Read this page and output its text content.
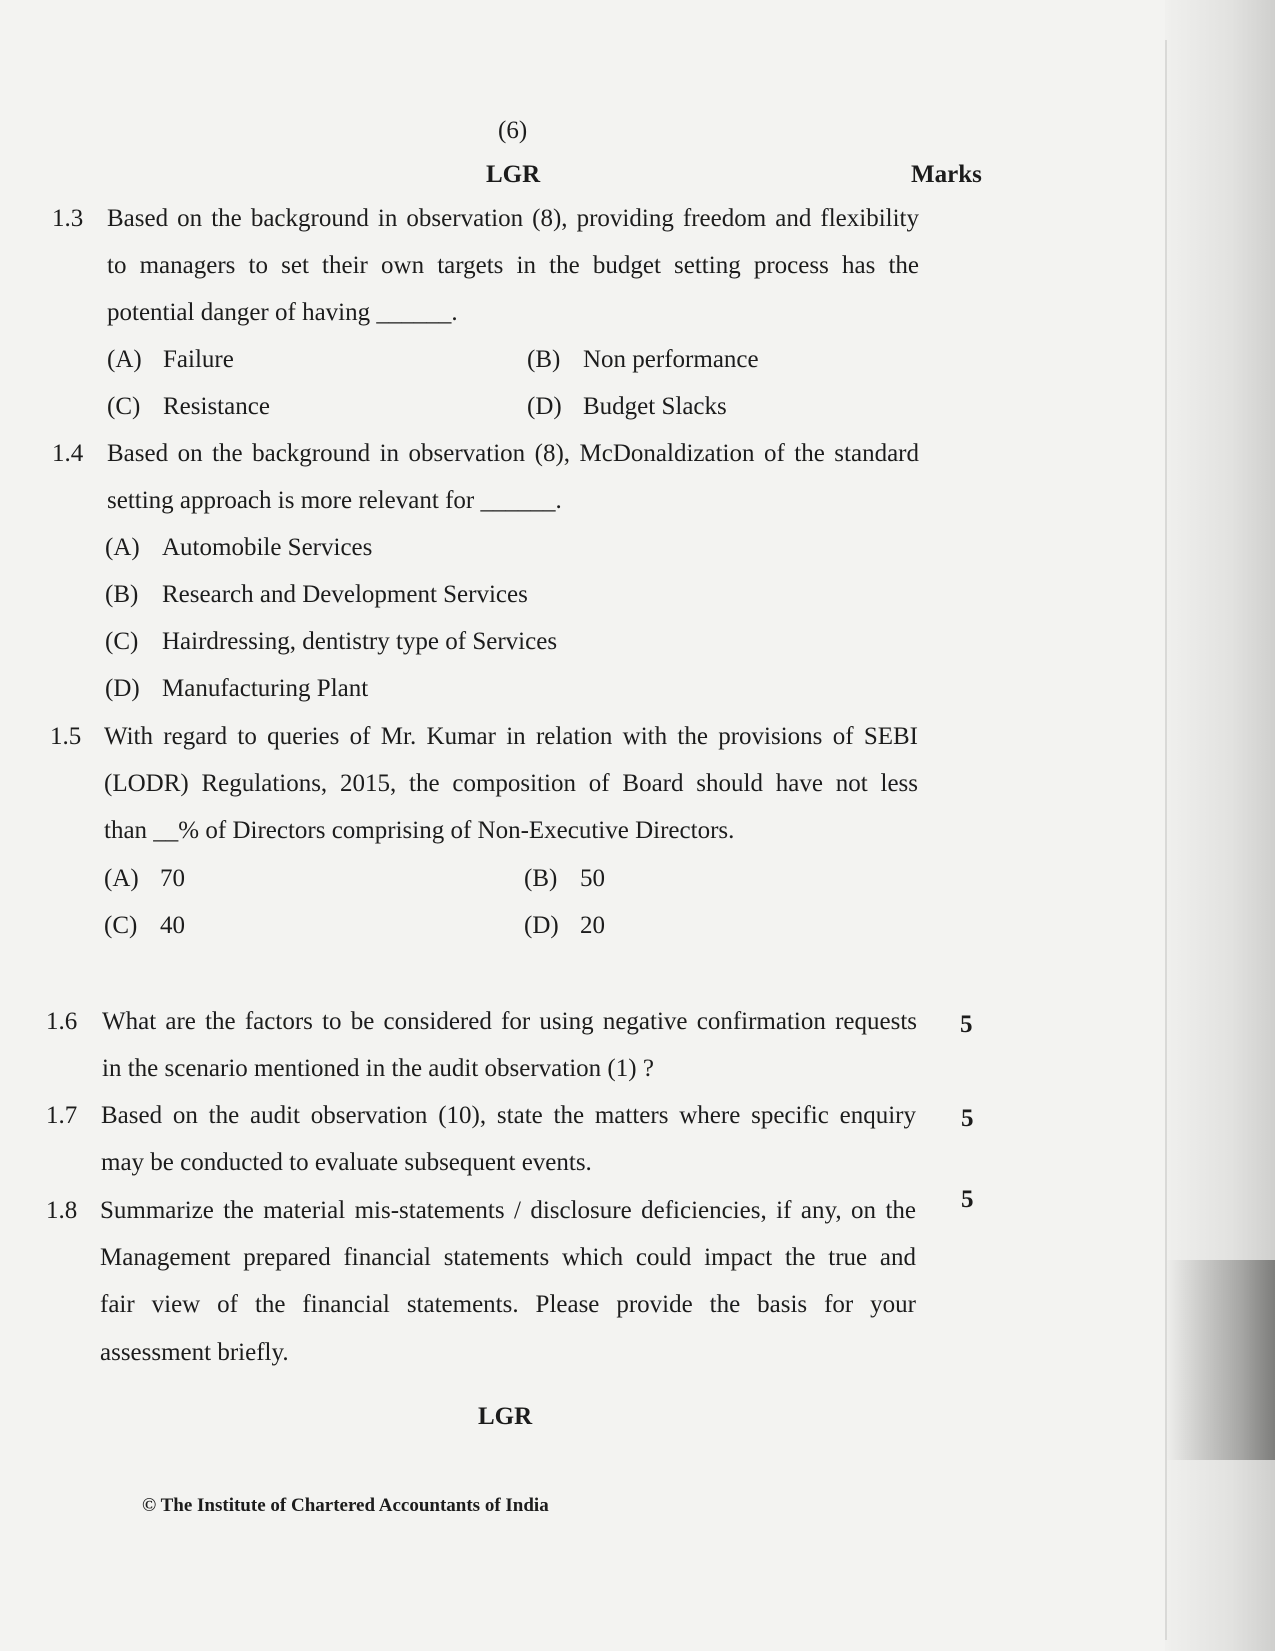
(6)
LGR	Marks
1.3 Based on the background in observation (8), providing freedom and flexibility
to managers to set their own targets in the budget setting process has the
potential danger of having ______.
(A) Failure	(B) Non performance
(C) Resistance	(D) Budget Slacks
1.4 Based on the background in observation (8), McDonaldization of the standard
setting approach is more relevant for ______.
(A) Automobile Services
(B) Research and Development Services
(C) Hairdressing, dentistry type of Services
(D) Manufacturing Plant
1.5 With regard to queries of Mr. Kumar in relation with the provisions of SEBI
(LODR) Regulations, 2015, the composition of Board should have not less
than __% of Directors comprising of Non-Executive Directors.
(A) 70	(B) 50
(C) 40	(D) 20
1.6 What are the factors to be considered for using negative confirmation requests
in the scenario mentioned in the audit observation (1) ?
5
1.7 Based on the audit observation (10), state the matters where specific enquiry
may be conducted to evaluate subsequent events.
5
1.8 Summarize the material mis-statements / disclosure deficiencies, if any, on the
Management prepared financial statements which could impact the true and
fair view of the financial statements. Please provide the basis for your
assessment briefly.
5
LGR
© The Institute of Chartered Accountants of India
